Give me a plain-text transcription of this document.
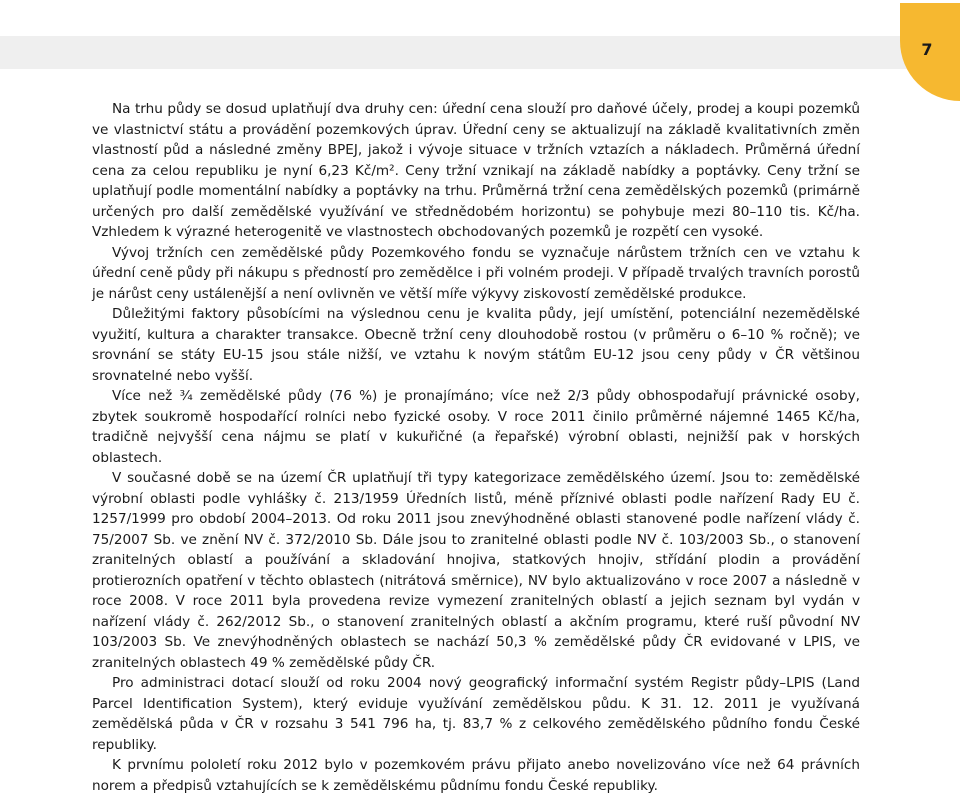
7

Na trhu půdy se dosud uplatňují dva druhy cen: úřední cena slouží pro daňové účely, prodej a koupi pozemků ve vlastnictví státu a provádění pozemkových úprav. Úřední ceny se aktualizují na základě kvalitativních změn vlastností půd a následné změny BPEJ, jakož i vývoje situace v tržních vztazích a nákladech. Průměrná úřední cena za celou republiku je nyní 6,23 Kč/m². Ceny tržní vznikají na základě nabídky a poptávky. Ceny tržní se uplatňují podle momentální nabídky a poptávky na trhu. Průměrná tržní cena zemědělských pozemků (primárně určených pro další zemědělské využívání ve střednědobém horizontu) se pohybuje mezi 80–110 tis. Kč/ha. Vzhledem k výrazné heterogenitě ve vlastnostech obchodovaných pozemků je rozpětí cen vysoké.

Vývoj tržních cen zemědělské půdy Pozemkového fondu se vyznačuje nárůstem tržních cen ve vztahu k úřední ceně půdy při nákupu s předností pro zemědělce i při volném prodeji. V případě trvalých travních porostů je nárůst ceny ustálenější a není ovlivněn ve větší míře výkyvy ziskovostí zemědělské produkce.

Důležitými faktory působícími na výslednou cenu je kvalita půdy, její umístění, potenciální nezemědělské využití, kultura a charakter transakce. Obecně tržní ceny dlouhodobě rostou (v průměru o 6–10 % ročně); ve srovnání se státy EU-15 jsou stále nižší, ve vztahu k novým státům EU-12 jsou ceny půdy v ČR většinou srovnatelné nebo vyšší.

Více než ¾ zemědělské půdy (76 %) je pronajímáno; více než 2/3 půdy obhospodařují právnické osoby, zbytek soukromě hospodařící rolníci nebo fyzické osoby. V roce 2011 činilo průměrné nájemné 1465 Kč/ha, tradičně nejvyšší cena nájmu se platí v kukuřičné (a řepařské) výrobní oblasti, nejnižší pak v horských oblastech.

V současné době se na území ČR uplatňují tři typy kategorizace zemědělského území. Jsou to: zemědělské výrobní oblasti podle vyhlášky č. 213/1959 Úředních listů, méně příznivé oblasti podle nařízení Rady EU č. 1257/1999 pro období 2004–2013. Od roku 2011 jsou znevýhodněné oblasti stanovené podle nařízení vlády č. 75/2007 Sb. ve znění NV č. 372/2010 Sb. Dále jsou to zranitelné oblasti podle NV č. 103/2003 Sb., o stanovení zranitelných oblastí a používání a skladování hnojiva, statkových hnojiv, střídání plodin a provádění protierozních opatření v těchto oblastech (nitrátová směrnice), NV bylo aktualizováno v roce 2007 a následně v roce 2008. V roce 2011 byla provedena revize vymezení zranitelných oblastí a jejich seznam byl vydán v nařízení vlády č. 262/2012 Sb., o stanovení zranitelných oblastí a akčním programu, které ruší původní NV 103/2003 Sb. Ve znevýhodněných oblastech se nachází 50,3 % zemědělské půdy ČR evidované v LPIS, ve zranitelných oblastech 49 % zemědělské půdy ČR.

Pro administraci dotací slouží od roku 2004 nový geografický informační systém Registr půdy–LPIS (Land Parcel Identification System), který eviduje využívání zemědělskou půdu. K 31. 12. 2011 je využívaná zemědělská půda v ČR v rozsahu 3 541 796 ha, tj. 83,7 % z celkového zemědělského půdního fondu České republiky.

K prvnímu pololetí roku 2012 bylo v pozemkovém právu přijato anebo novelizováno více než 64 právních norem a předpisů vztahujících se k zemědělskému půdnímu fondu České republiky.
